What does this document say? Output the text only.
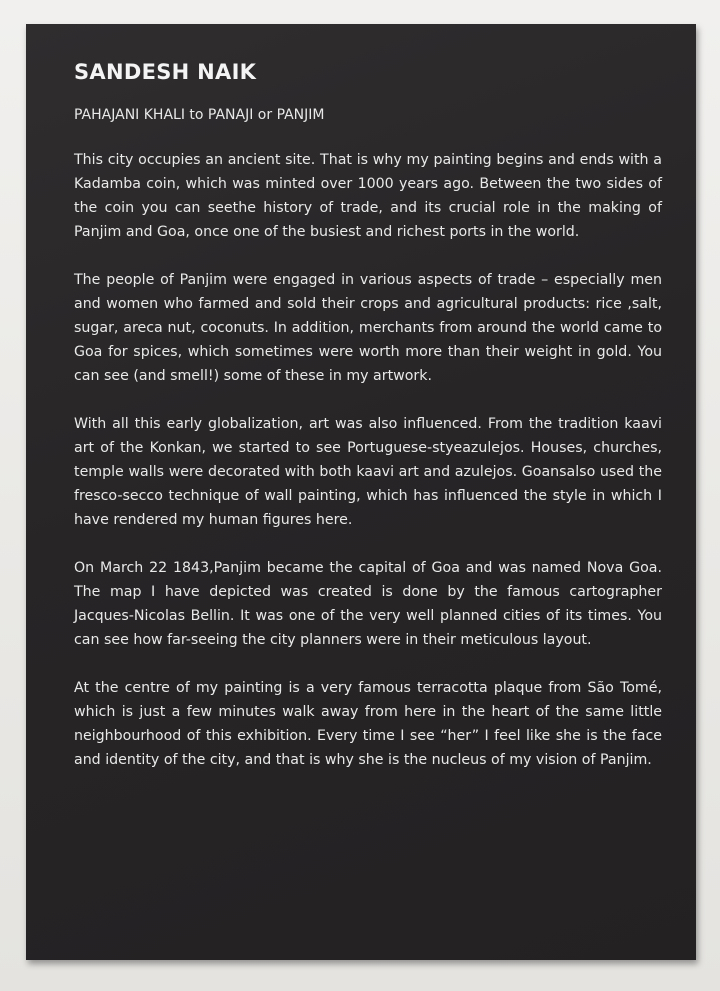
SANDESH NAIK
PAHAJANI KHALI to PANAJI or PANJIM

This city occupies an ancient site. That is why my painting begins and ends with a Kadamba coin, which was minted over 1000 years ago. Between the two sides of the coin you can seethe history of trade, and its crucial role in the making of Panjim and Goa, once one of the busiest and richest ports in the world.

The people of Panjim were engaged in various aspects of trade – especially men and women who farmed and sold their crops and agricultural products: rice ,salt, sugar, areca nut, coconuts. In addition, merchants from around the world came to Goa for spices, which sometimes were worth more than their weight in gold. You can see (and smell!) some of these in my artwork.

With all this early globalization, art was also influenced. From the tradition kaavi art of the Konkan, we started to see Portuguese-styeazulejos. Houses, churches, temple walls were decorated with both kaavi art and azulejos. Goansalso used the fresco-secco technique of wall painting, which has influenced the style in which I have rendered my human figures here.

On March 22 1843,Panjim became the capital of Goa and was named Nova Goa. The map I have depicted was created is done by the famous cartographer Jacques-Nicolas Bellin. It was one of the very well planned cities of its times. You can see how far-seeing the city planners were in their meticulous layout.

At the centre of my painting is a very famous terracotta plaque from São Tomé, which is just a few minutes walk away from here in the heart of the same little neighbourhood of this exhibition. Every time I see “her” I feel like she is the face and identity of the city, and that is why she is the nucleus of my vision of Panjim.
